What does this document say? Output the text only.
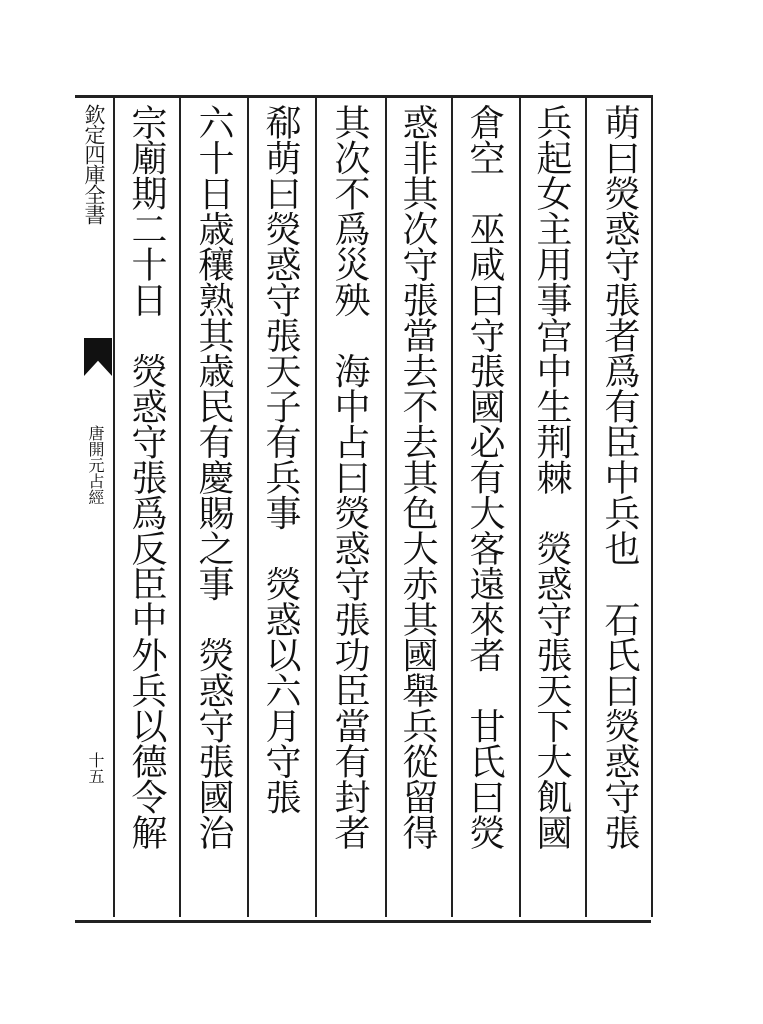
欽定四庫全書
唐開元占經
十五	萌曰熒惑守張者爲有臣中兵也　石氏曰熒惑守張
兵起女主用事宫中生荆棘　熒惑守張天下大飢國
倉空　巫咸曰守張國必有大客遠來者　甘氏曰熒
惑非其次守張當去不去其色大赤其國舉兵從留得
其次不爲災殃　海中占曰熒惑守張功臣當有封者
郗萌曰熒惑守張天子有兵事　熒惑以六月守張
六十日歳穰熟其歳民有慶賜之事　熒惑守張國治
宗廟期二十日　熒惑守張爲反臣中外兵以德令解
